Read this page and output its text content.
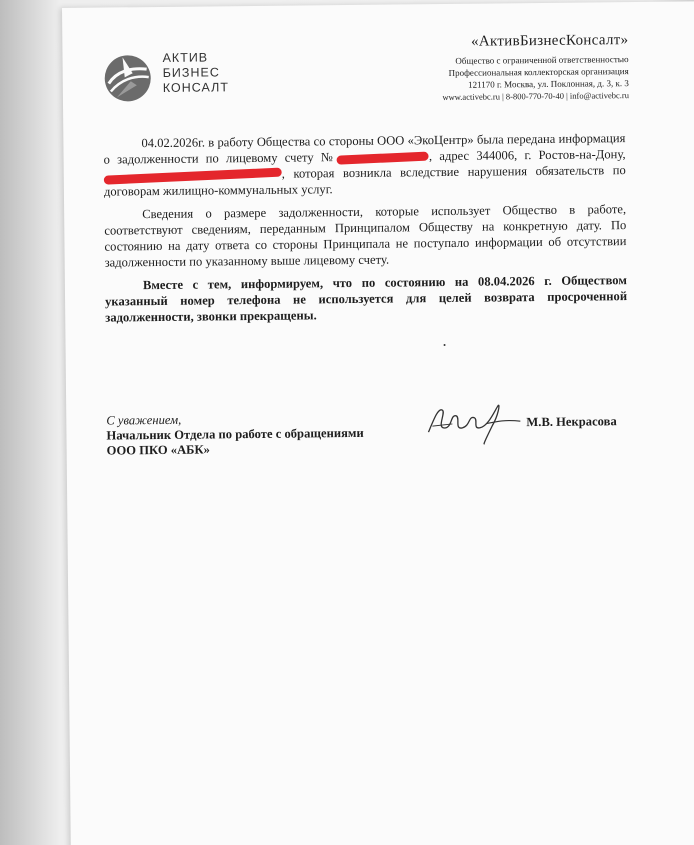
АКТИВ
БИЗНЕС
КОНСАЛТ
«АктивБизнесКонсалт»
Общество с ограниченной ответственностью
Профессиональная коллекторская организация
121170 г. Москва, ул. Поклонная, д. 3, к. 3
www.activebc.ru | 8-800-770-70-40 | info@activebc.ru

04.02.2026г. в работу Общества со стороны ООО «ЭкоЦентр» была передана информация о задолженности по лицевому счету №	, адрес 344006, г. Ростов-на-Дону, , которая возникла вследствие нарушения обязательств по договорам жилищно-коммунальных услуг.

Сведения о размере задолженности, которые использует Общество в работе, соответствуют сведениям, переданным Принципалом Обществу на конкретную дату. По состоянию на дату ответа со стороны Принципала не поступало информации об отсутствии задолженности по указанному выше лицевому счету.

Вместе с тем, информируем, что по состоянию на 08.04.2026 г. Обществом указанный номер телефона не используется для целей возврата просроченной задолженности, звонки прекращены.

С уважением,
Начальник Отдела по работе с обращениями
ООО ПКО «АБК»
М.В. Некрасова
